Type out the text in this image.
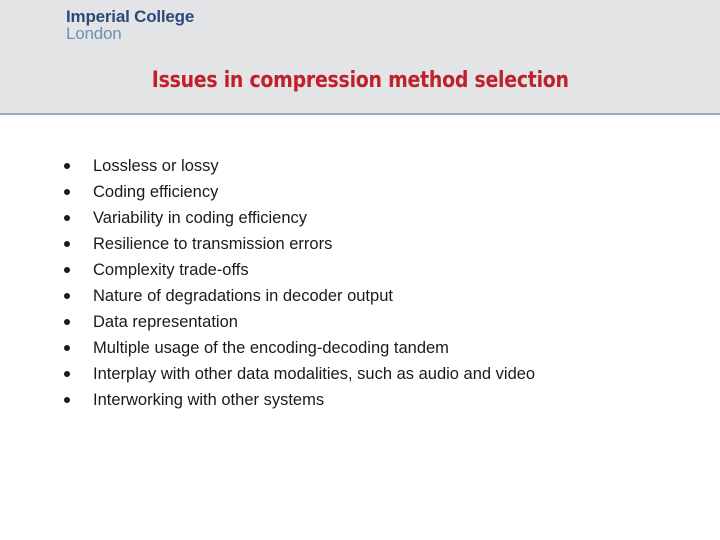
Imperial College
London
Issues in compression method selection
Lossless or lossy
Coding efficiency
Variability in coding efficiency
Resilience to transmission errors
Complexity trade-offs
Nature of degradations in decoder output
Data representation
Multiple usage of the encoding-decoding tandem
Interplay with other data modalities, such as audio and video
Interworking with other systems
